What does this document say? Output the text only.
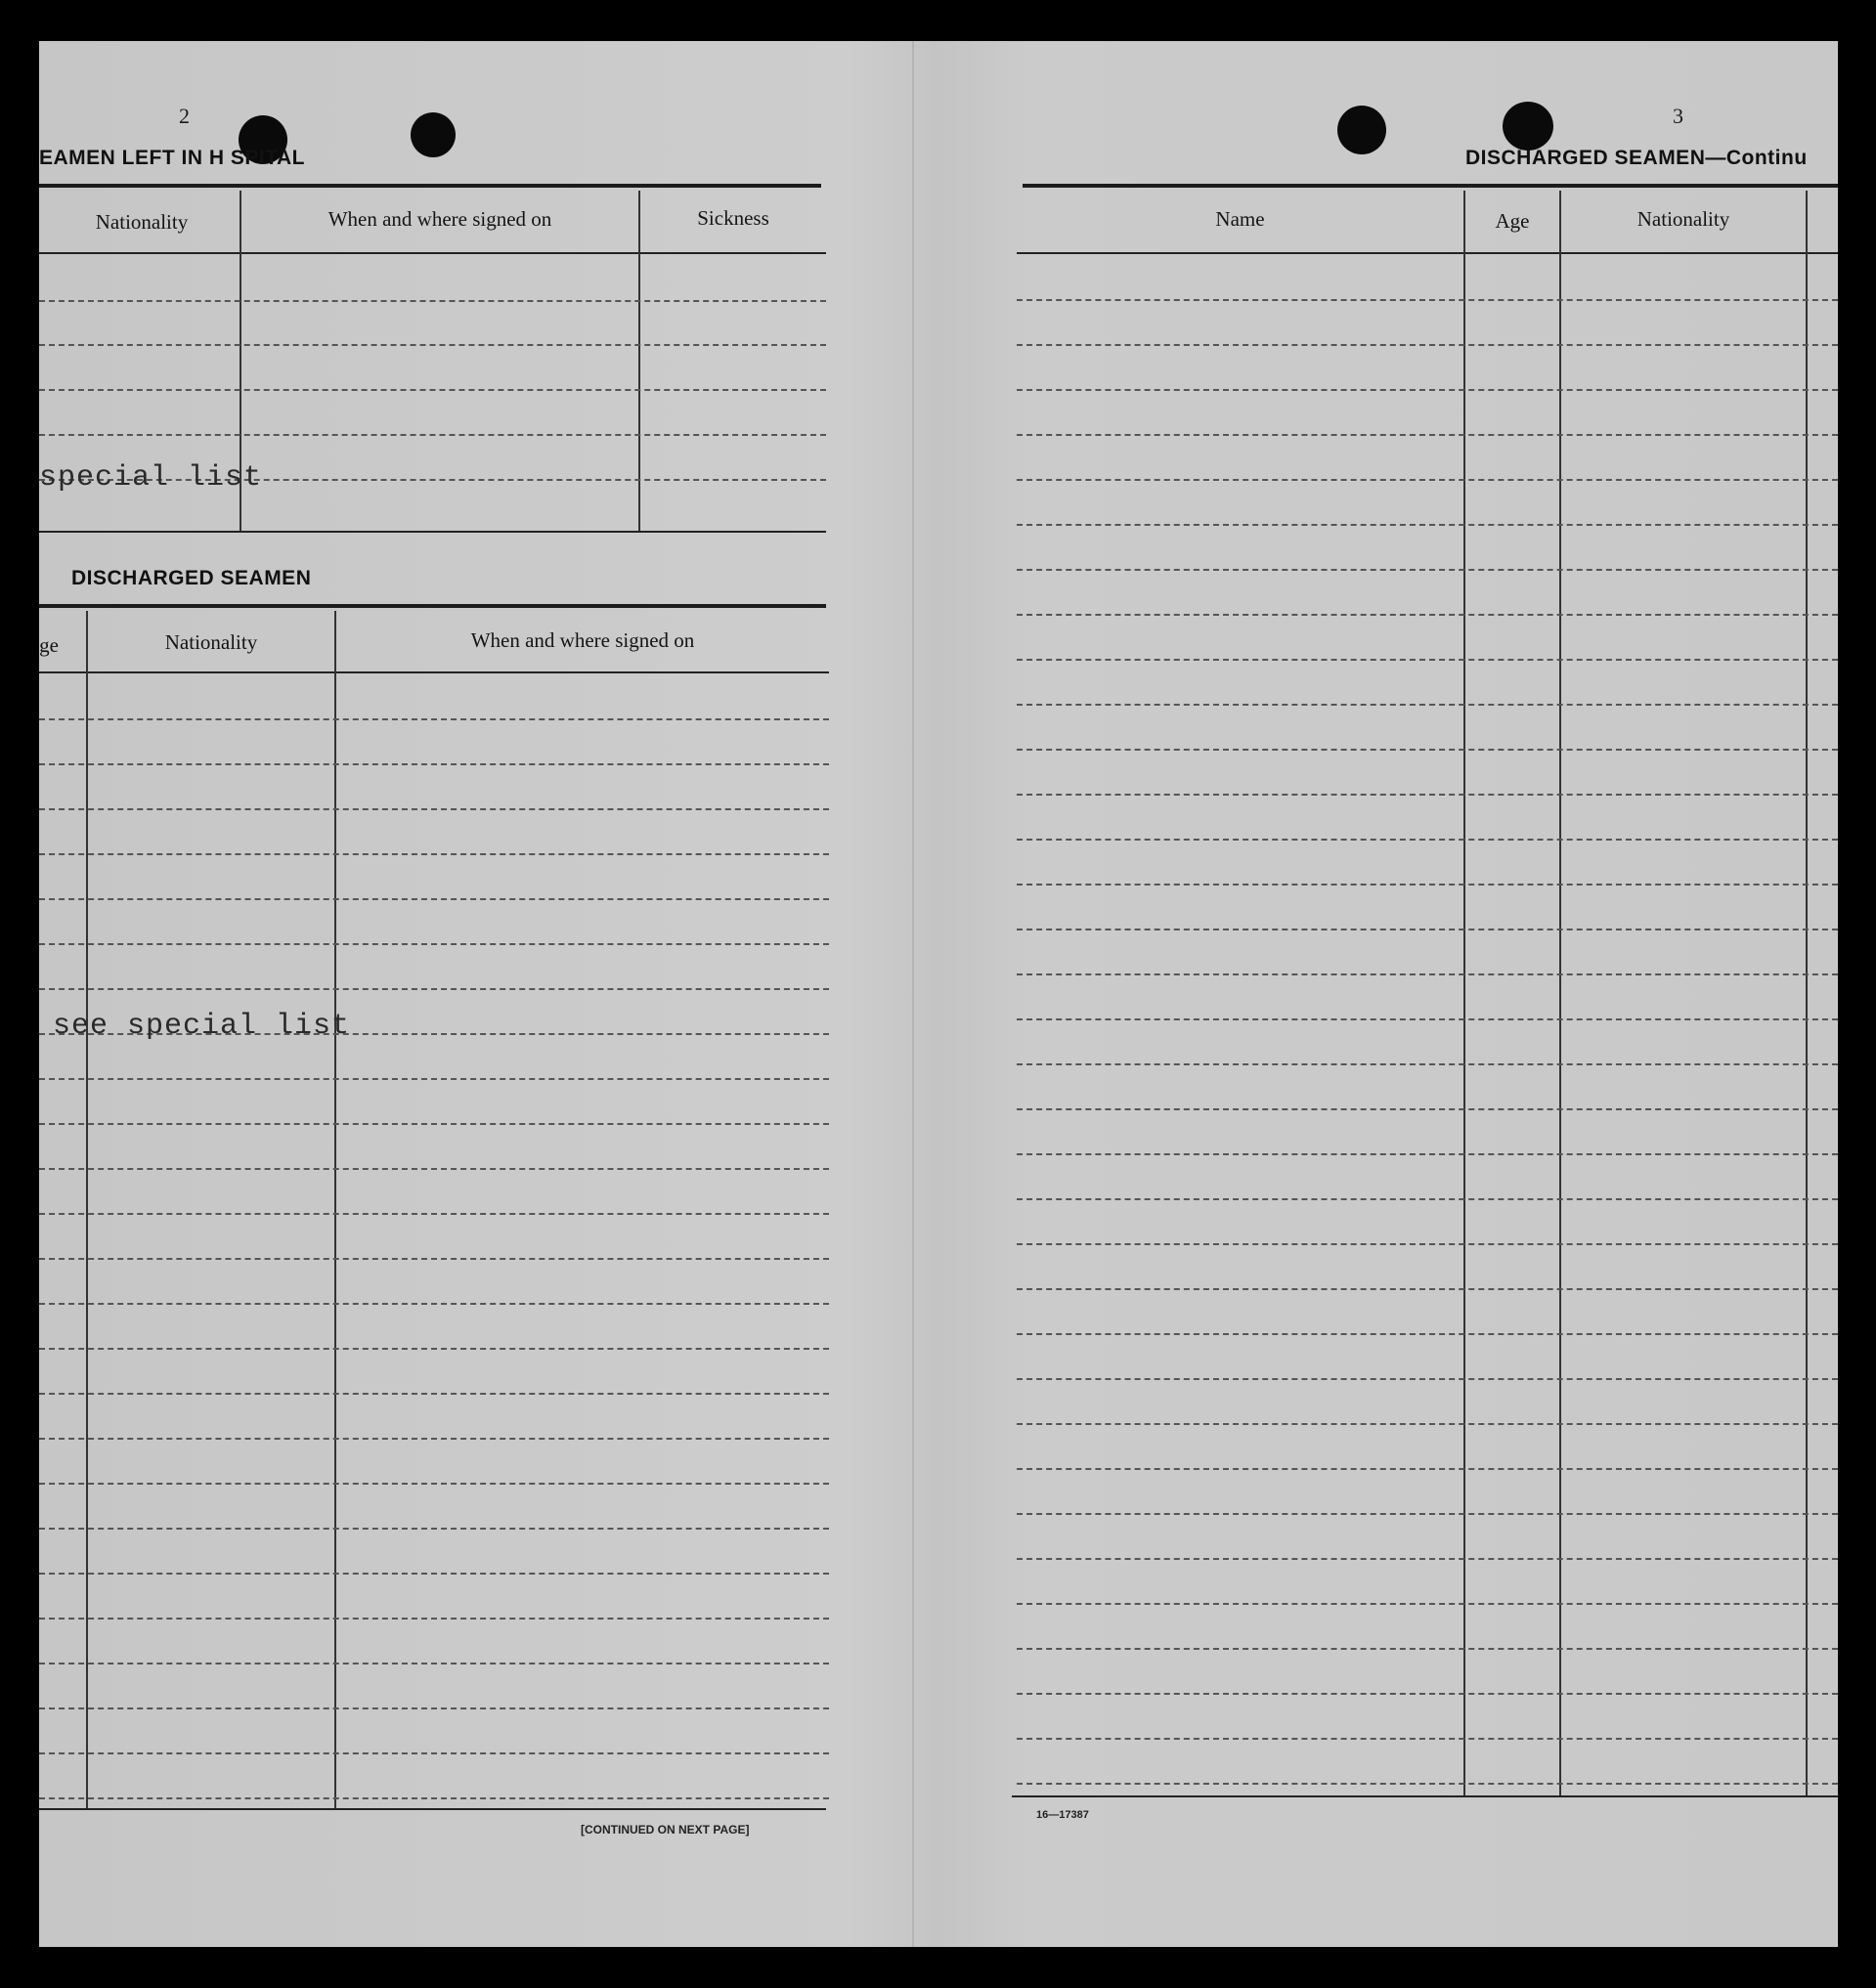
2
EAMEN LEFT IN H SPITAL
Nationality	When and where signed on	Sickness
special list
DISCHARGED SEAMEN
ge	Nationality	When and where signed on
see special list
[CONTINUED ON NEXT PAGE]
3
DISCHARGED SEAMEN—Continu
Name	Age	Nationality
16—17387
